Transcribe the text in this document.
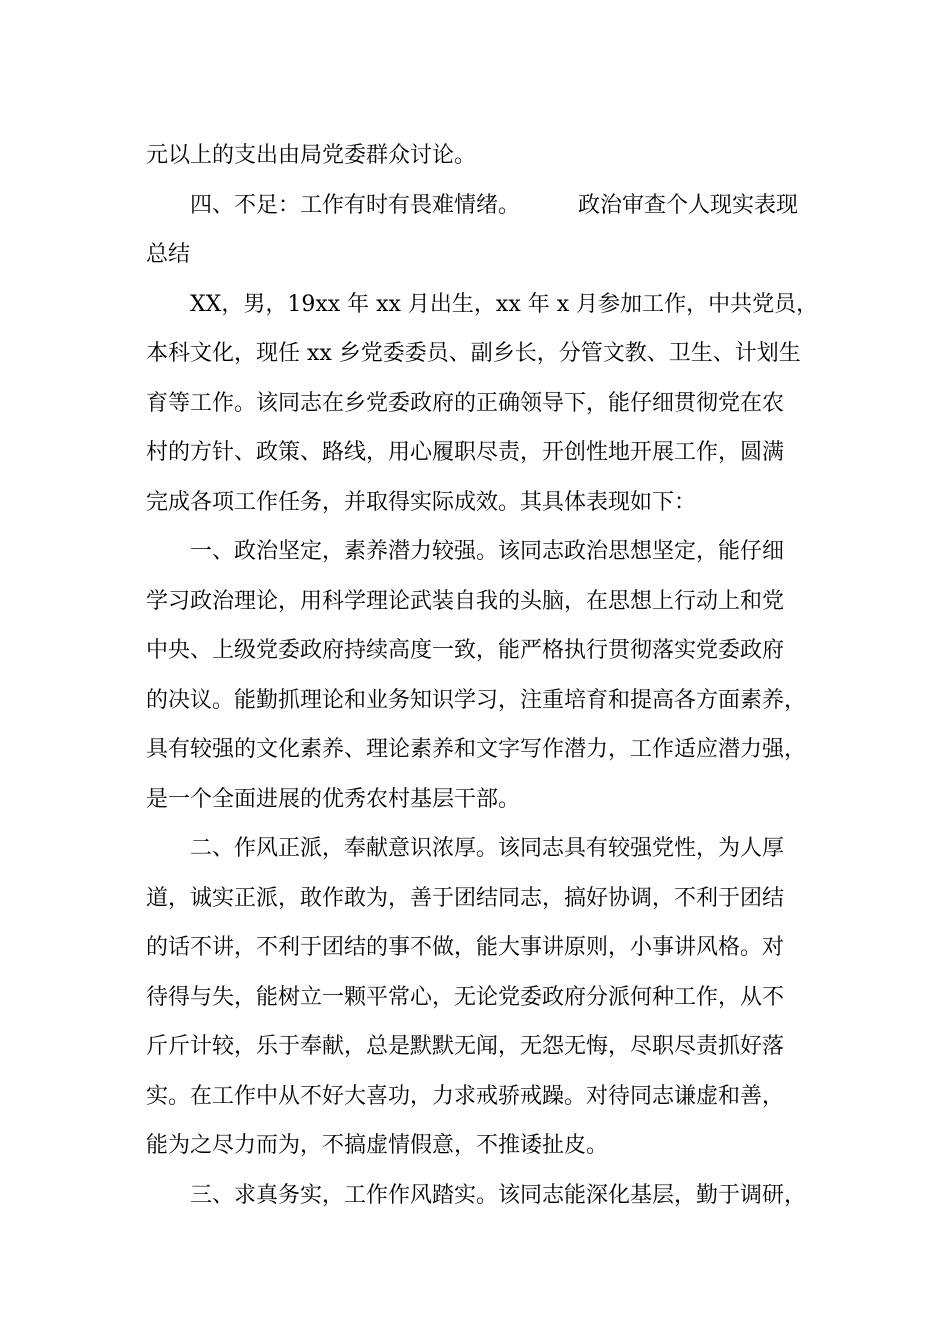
元以上的支出由局党委群众讨论。
四、不足：工作有时有畏难情绪。	政治审查个人现实表现
总结
XX，男，19xx 年 xx 月出生，xx 年 x 月参加工作，中共党员，
本科文化，现任 xx 乡党委委员、副乡长，分管文教、卫生、计划生
育等工作。该同志在乡党委政府的正确领导下，能仔细贯彻党在农
村的方针、政策、路线，用心履职尽责，开创性地开展工作，圆满
完成各项工作任务，并取得实际成效。其具体表现如下：
一、政治坚定，素养潜力较强。该同志政治思想坚定，能仔细
学习政治理论，用科学理论武装自我的头脑，在思想上行动上和党
中央、上级党委政府持续高度一致，能严格执行贯彻落实党委政府
的决议。能勤抓理论和业务知识学习，注重培育和提高各方面素养，
具有较强的文化素养、理论素养和文字写作潜力，工作适应潜力强，
是一个全面进展的优秀农村基层干部。
二、作风正派，奉献意识浓厚。该同志具有较强党性，为人厚
道，诚实正派，敢作敢为，善于团结同志，搞好协调，不利于团结
的话不讲，不利于团结的事不做，能大事讲原则，小事讲风格。对
待得与失，能树立一颗平常心，无论党委政府分派何种工作，从不
斤斤计较，乐于奉献，总是默默无闻，无怨无悔，尽职尽责抓好落
实。在工作中从不好大喜功，力求戒骄戒躁。对待同志谦虚和善，
能为之尽力而为，不搞虚情假意，不推诿扯皮。
三、求真务实，工作作风踏实。该同志能深化基层，勤于调研，
